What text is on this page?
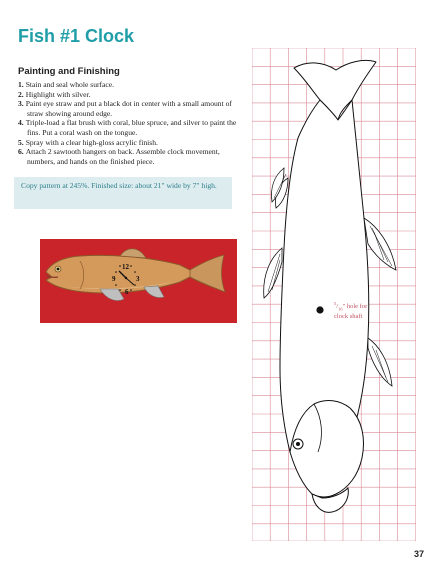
Fish #1 Clock
Painting and Finishing
1. Stain and seal whole surface.
2. Highlight with silver.
3. Paint eye straw and put a black dot in center with a small amount of straw showing around edge.
4. Triple-load a flat brush with coral, blue spruce, and silver to paint the fins. Put a coral wash on the tongue.
5. Spray with a clear high-gloss acrylic finish.
6. Attach 2 sawtooth hangers on back. Assemble clock movement, numbers, and hands on the finished piece.
Copy pattern at 245%. Finished size: about 21" wide by 7" high.
12
3
6
9
$^5/_{16}$" hole for
clock shaft
37
